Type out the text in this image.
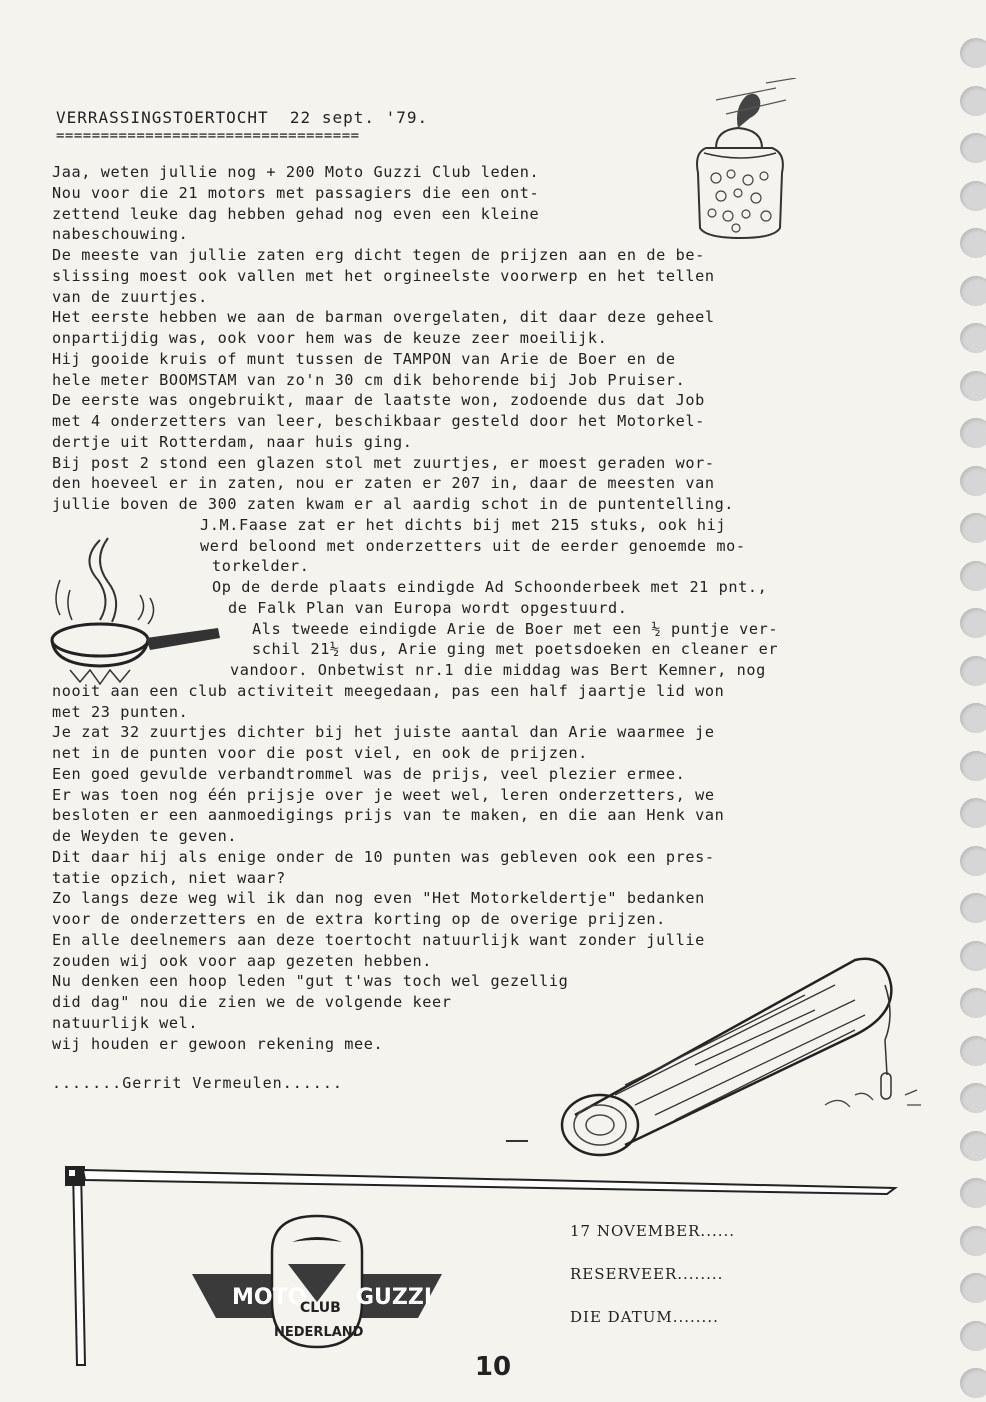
VERRASSINGSTOERTOCHT  22 sept. '79.
==================================
Jaa, weten jullie nog + 200 Moto Guzzi Club leden.
Nou voor die 21 motors met passagiers die een ont-
zettend leuke dag hebben gehad nog even een kleine
nabeschouwing.
De meeste van jullie zaten erg dicht tegen de prijzen aan en de be-
slissing moest ook vallen met het orgineelste voorwerp en het tellen
van de zuurtjes.
Het eerste hebben we aan de barman overgelaten, dit daar deze geheel
onpartijdig was, ook voor hem was de keuze zeer moeilijk.
Hij gooide kruis of munt tussen de TAMPON van Arie de Boer en de
hele meter BOOMSTAM van zo'n 30 cm dik behorende bij Job Pruiser.
De eerste was ongebruikt, maar de laatste won, zodoende dus dat Job
met 4 onderzetters van leer, beschikbaar gesteld door het Motorkel-
dertje uit Rotterdam, naar huis ging.
Bij post 2 stond een glazen stol met zuurtjes, er moest geraden wor-
den hoeveel er in zaten, nou er zaten er 207 in, daar de meesten van
jullie boven de 300 zaten kwam er al aardig schot in de puntentelling.
J.M.Faase zat er het dichts bij met 215 stuks, ook hij
werd beloond met onderzetters uit de eerder genoemde mo-
torkelder.
Op de derde plaats eindigde Ad Schoonderbeek met 21 pnt.,
de Falk Plan van Europa wordt opgestuurd.
Als tweede eindigde Arie de Boer met een ½ puntje ver-
schil 21½ dus, Arie ging met poetsdoeken en cleaner er
vandoor. Onbetwist nr.1 die middag was Bert Kemner, nog
nooit aan een club activiteit meegedaan, pas een half jaartje lid won
met 23 punten.
Je zat 32 zuurtjes dichter bij het juiste aantal dan Arie waarmee je
net in de punten voor die post viel, en ook de prijzen.
Een goed gevulde verbandtrommel was de prijs, veel plezier ermee.
Er was toen nog één prijsje over je weet wel, leren onderzetters, we
besloten er een aanmoedigings prijs van te maken, en die aan Henk van
de Weyden te geven.
Dit daar hij als enige onder de 10 punten was gebleven ook een pres-
tatie opzich, niet waar?
Zo langs deze weg wil ik dan nog even "Het Motorkeldertje" bedanken
voor de onderzetters en de extra korting op de overige prijzen.
En alle deelnemers aan deze toertocht natuurlijk want zonder jullie
zouden wij ook voor aap gezeten hebben.
Nu denken een hoop leden "gut t'was toch wel gezellig
did dag" nou die zien we de volgende keer
natuurlijk wel.
wij houden er gewoon rekening mee.
.......Gerrit Vermeulen......
MOTO GUZZI
CLUB
NEDERLAND
17 NOVEMBER......
RESERVEER........
DIE DATUM........
10
